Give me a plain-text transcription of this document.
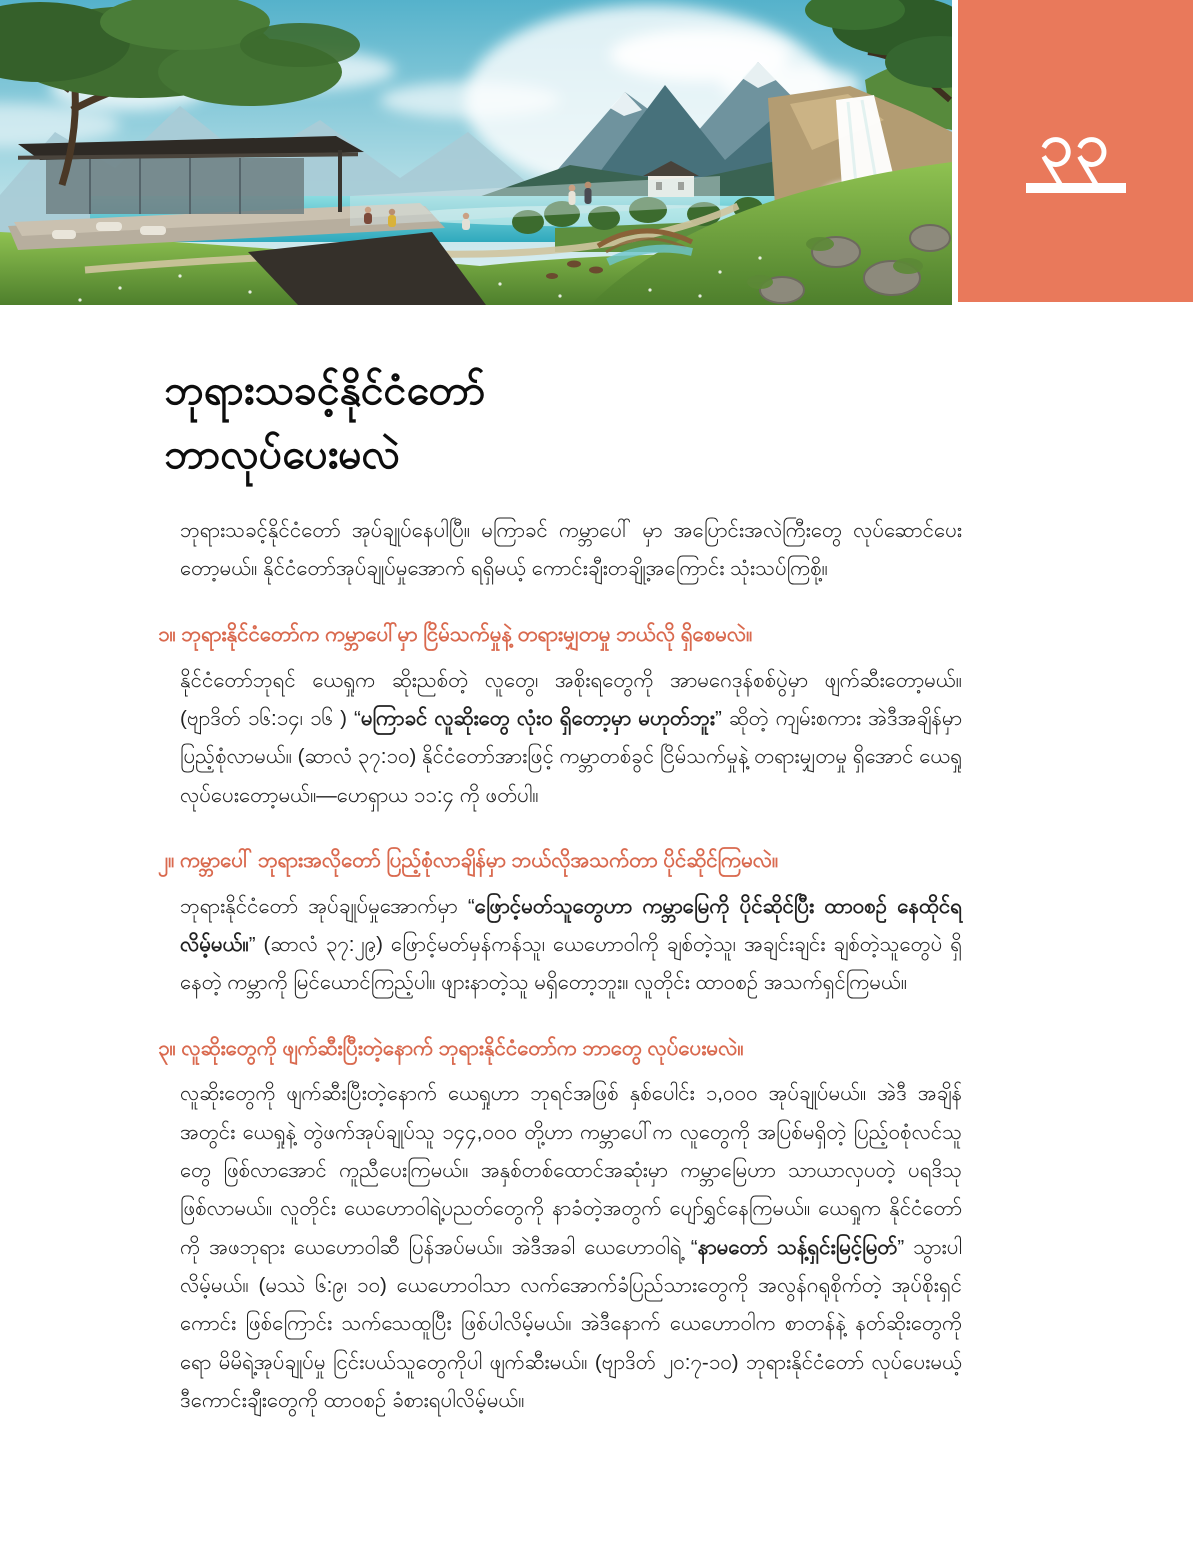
၃၃
ဘုရားသခင့်နိုင်ငံတော်
ဘာလုပ်ပေးမလဲ

ဘုရားသခင့်နိုင်ငံတော် အုပ်ချုပ်နေပါပြီ။ မကြာခင် ကမ္ဘာပေါ် မှာ အပြောင်းအလဲကြီးတွေ လုပ်ဆောင်ပေးတော့မယ်။ နိုင်ငံတော်အုပ်ချုပ်မှုအောက် ရရှိမယ့် ကောင်းချီးတချို့အကြောင်း သုံးသပ်ကြစို့။

၁။ ဘုရားနိုင်ငံတော်က ကမ္ဘာပေါ်မှာ ငြိမ်သက်မှုနဲ့ တရားမျှတမှု ဘယ်လို ရှိစေမလဲ။

နိုင်ငံတော်ဘုရင် ယေရှုက ဆိုးညစ်တဲ့ လူတွေ၊ အစိုးရတွေကို အာမဂေဒုန်စစ်ပွဲမှာ ဖျက်ဆီးတော့မယ်။ (ဗျာဒိတ် ၁၆:၁၄၊ ၁၆ ) “မကြာခင် လူဆိုးတွေ လုံးဝ ရှိတော့မှာ မဟုတ်ဘူး” ဆိုတဲ့ ကျမ်းစကား အဲဒီအချိန်မှာ ပြည့်စုံလာမယ်။ (ဆာလံ ၃၇:၁၀) နိုင်ငံတော်အားဖြင့် ကမ္ဘာတစ်ခွင် ငြိမ်သက်မှုနဲ့ တရားမျှတမှု ရှိအောင် ယေရှု လုပ်ပေးတော့မယ်။—ဟေရှာယ ၁၁:၄ ကို ဖတ်ပါ။

၂။ ကမ္ဘာပေါ် ဘုရားအလိုတော် ပြည့်စုံလာချိန်မှာ ဘယ်လိုအသက်တာ ပိုင်ဆိုင်ကြမလဲ။

ဘုရားနိုင်ငံတော် အုပ်ချုပ်မှုအောက်မှာ “ဖြောင့်မတ်သူတွေဟာ ကမ္ဘာမြေကို ပိုင်ဆိုင်ပြီး ထာဝစဉ် နေထိုင်ရလိမ့်မယ်။” (ဆာလံ ၃၇:၂၉) ဖြောင့်မတ်မှန်ကန်သူ၊ ယေဟောဝါကို ချစ်တဲ့သူ၊ အချင်းချင်း ချစ်တဲ့သူတွေပဲ ရှိနေတဲ့ ကမ္ဘာကို မြင်ယောင်ကြည့်ပါ။ ဖျားနာတဲ့သူ မရှိတော့ဘူး။ လူတိုင်း ထာဝစဉ် အသက်ရှင်ကြမယ်။

၃။ လူဆိုးတွေကို ဖျက်ဆီးပြီးတဲ့နောက် ဘုရားနိုင်ငံတော်က ဘာတွေ လုပ်ပေးမလဲ။

လူဆိုးတွေကို ဖျက်ဆီးပြီးတဲ့နောက် ယေရှုဟာ ဘုရင်အဖြစ် နှစ်ပေါင်း ၁,၀၀၀ အုပ်ချုပ်မယ်။ အဲဒီ အချိန်အတွင်း ယေရှုနဲ့ တွဲဖက်အုပ်ချုပ်သူ ၁၄၄,၀၀၀ တို့ဟာ ကမ္ဘာပေါ်က လူတွေကို အပြစ်မရှိတဲ့ ပြည့်ဝစုံလင်သူတွေ ဖြစ်လာအောင် ကူညီပေးကြမယ်။ အနှစ်တစ်ထောင်အဆုံးမှာ ကမ္ဘာမြေဟာ သာယာလှပတဲ့ ပရဒိသု ဖြစ်လာမယ်။ လူတိုင်း ယေဟောဝါရဲ့ပညတ်တွေကို နာခံတဲ့အတွက် ပျော်ရွှင်နေကြမယ်။ ယေရှုက နိုင်ငံတော်ကို အဖဘုရား ယေဟောဝါဆီ ပြန်အပ်မယ်။ အဲဒီအခါ ယေဟောဝါရဲ့ “နာမတော် သန့်ရှင်းမြင့်မြတ်” သွားပါလိမ့်မယ်။ (မဿဲ ၆:၉၊ ၁၀) ယေဟောဝါသာ လက်အောက်ခံပြည်သားတွေကို အလွန်ဂရုစိုက်တဲ့ အုပ်စိုးရှင်ကောင်း ဖြစ်ကြောင်း သက်သေထူပြီး ဖြစ်ပါလိမ့်မယ်။ အဲဒီနောက် ယေဟောဝါက စာတန်နဲ့ နတ်ဆိုးတွေကိုရော မိမိရဲ့အုပ်ချုပ်မှု ငြင်းပယ်သူတွေကိုပါ ဖျက်ဆီးမယ်။ (ဗျာဒိတ် ၂၀:၇-၁၀) ဘုရားနိုင်ငံတော် လုပ်ပေးမယ့် ဒီကောင်းချီးတွေကို ထာဝစဉ် ခံစားရပါလိမ့်မယ်။
